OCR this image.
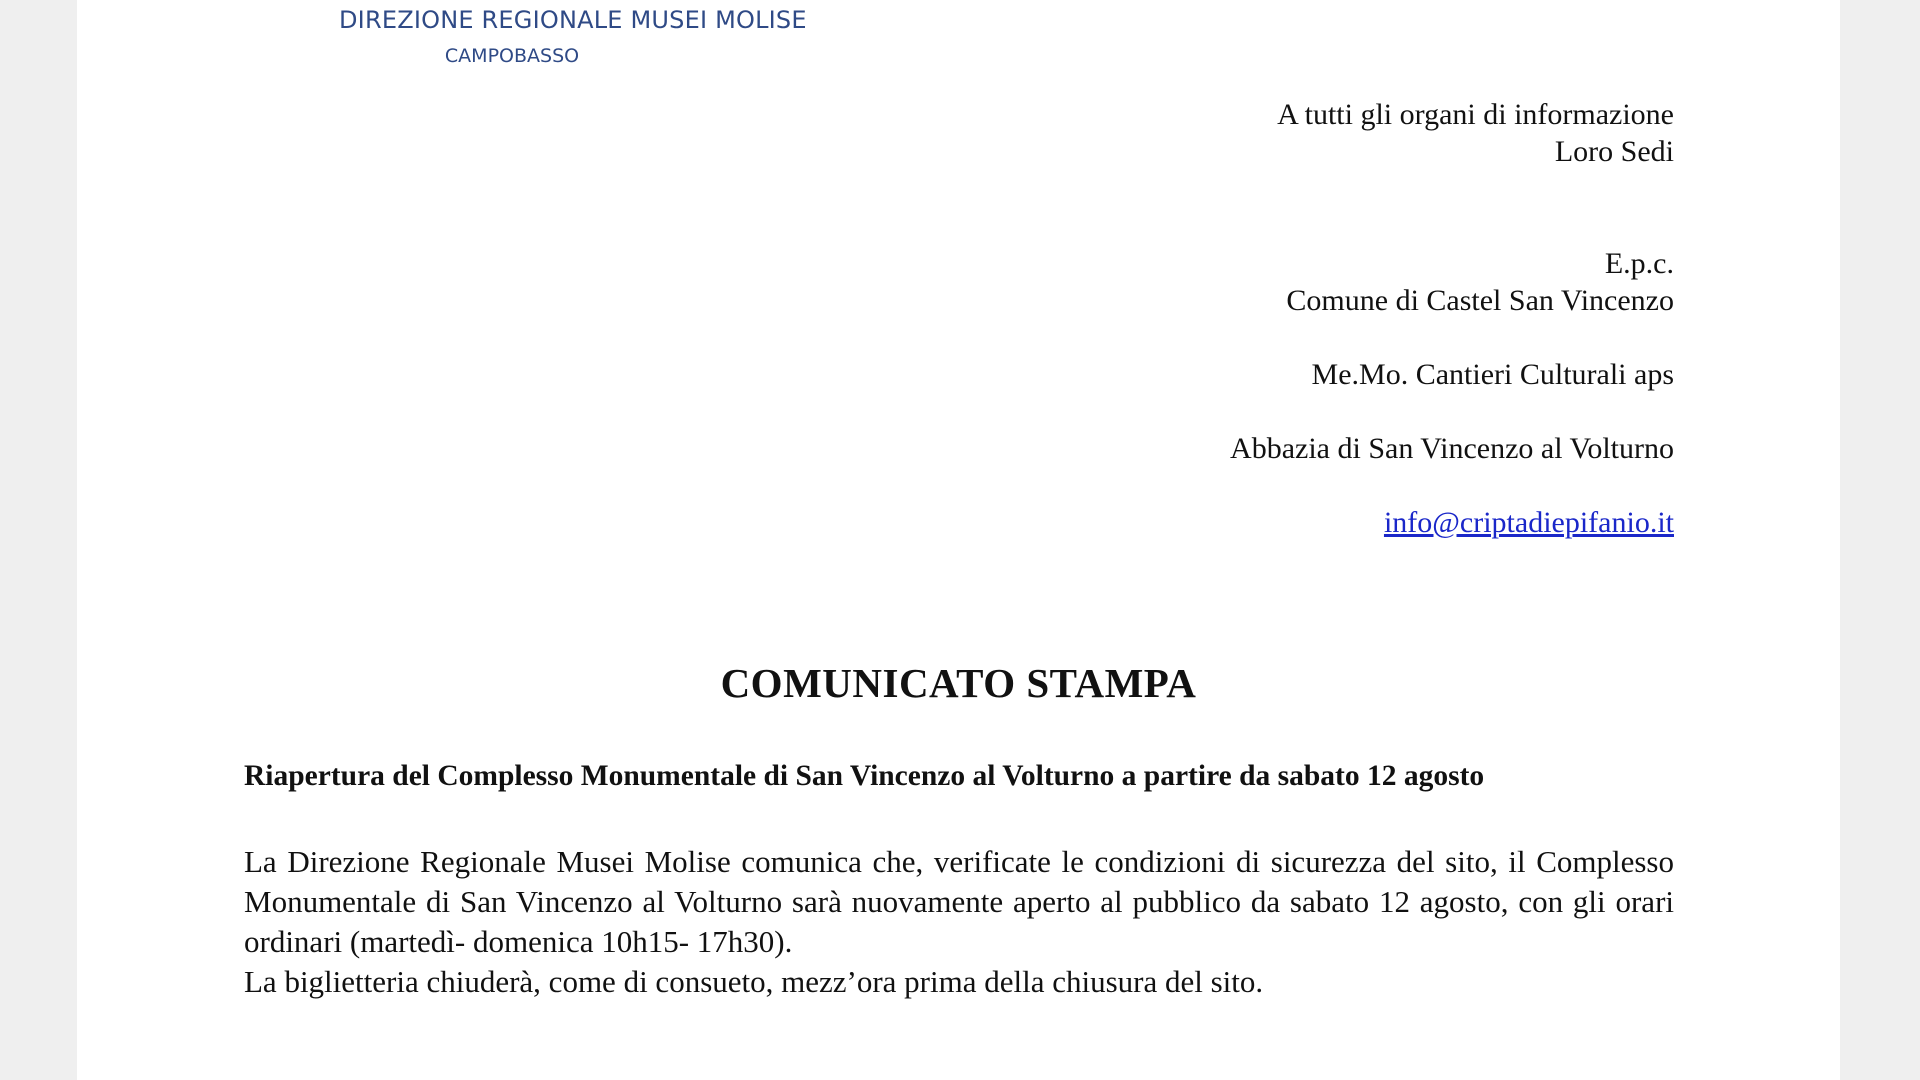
DIREZIONE REGIONALE MUSEI MOLISE
CAMPOBASSO
A tutti gli organi di informazione
Loro Sedi
E.p.c.
Comune di Castel San Vincenzo
Me.Mo. Cantieri Culturali aps
Abbazia di San Vincenzo al Volturno
info@criptadiepifanio.it
COMUNICATO STAMPA
Riapertura del Complesso Monumentale di San Vincenzo al Volturno a partire da sabato 12 agosto

La Direzione Regionale Musei Molise comunica che, verificate le condizioni di sicurezza del sito, il Complesso Monumentale di San Vincenzo al Volturno sarà nuovamente aperto al pubblico da sabato 12 agosto, con gli orari ordinari (martedì- domenica 10h15- 17h30).

La biglietteria chiuderà, come di consueto, mezz’ora prima della chiusura del sito.
